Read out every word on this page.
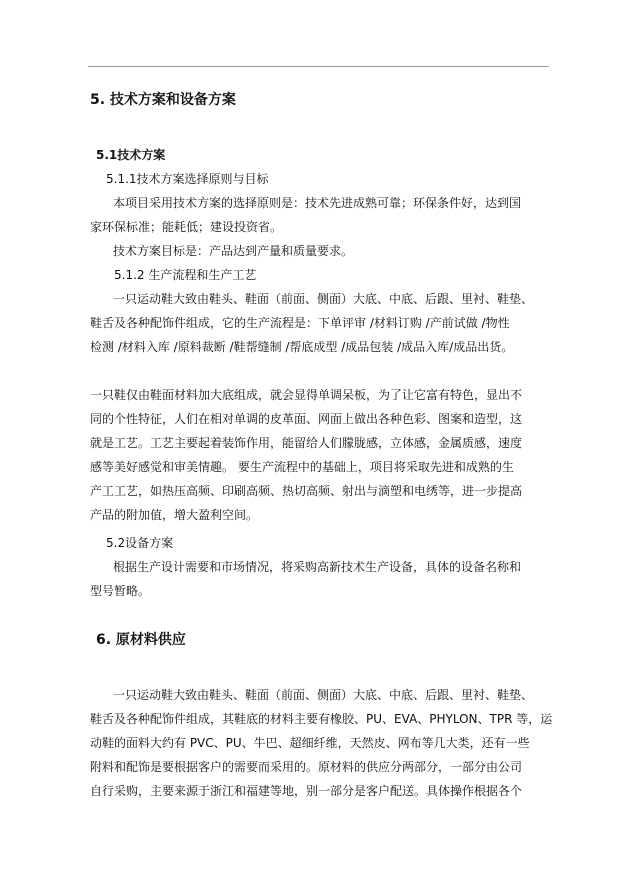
5. 技术方案和设备方案
5.1技术方案
5.1.1技术方案选择原则与目标
本项目采用技术方案的选择原则是：技术先进成熟可靠；环保条件好，达到国
家环保标准；能耗低；建设投资省。
技术方案目标是：产品达到产量和质量要求。
5.1.2 生产流程和生产工艺
一只运动鞋大致由鞋头、鞋面（前面、侧面）大底、中底、后跟、里衬、鞋垫、
鞋舌及各种配饰件组成，它的生产流程是：下单评审 /材料订购 /产前试做 /物性
检测 /材料入库 /原料裁断 /鞋帮缝制 /帮底成型 /成品包装 /成品入库/成品出货。
一只鞋仅由鞋面材料加大底组成，就会显得单调呆板，为了让它富有特色，显出不
同的个性特征，人们在相对单调的皮革面、网面上做出各种色彩、图案和造型，这
就是工艺。工艺主要起着装饰作用，能留给人们朦胧感，立体感，金属质感，速度
感等美好感觉和审美情趣。 要生产流程中的基础上，项目将采取先进和成熟的生
产工工艺，如热压高频、印刷高频、热切高频、射出与滴塑和电绣等，进一步提高
产品的附加值，增大盈利空间。
5.2设备方案
根据生产设计需要和市场情况，将采购高新技术生产设备，具体的设备名称和
型号暂略。
6. 原材料供应
一只运动鞋大致由鞋头、鞋面（前面、侧面）大底、中底、后跟、里衬、鞋垫、
鞋舌及各种配饰件组成，其鞋底的材料主要有橡胶、PU、EVA、PHYLON、TPR 等，运
动鞋的面料大约有 PVC、PU、牛巴、超细纤维，天然皮、网布等几大类，还有一些
附料和配饰是要根据客户的需要而采用的。原材料的供应分两部分，一部分由公司
自行采购，主要来源于浙江和福建等地，别一部分是客户配送。具体操作根据各个
